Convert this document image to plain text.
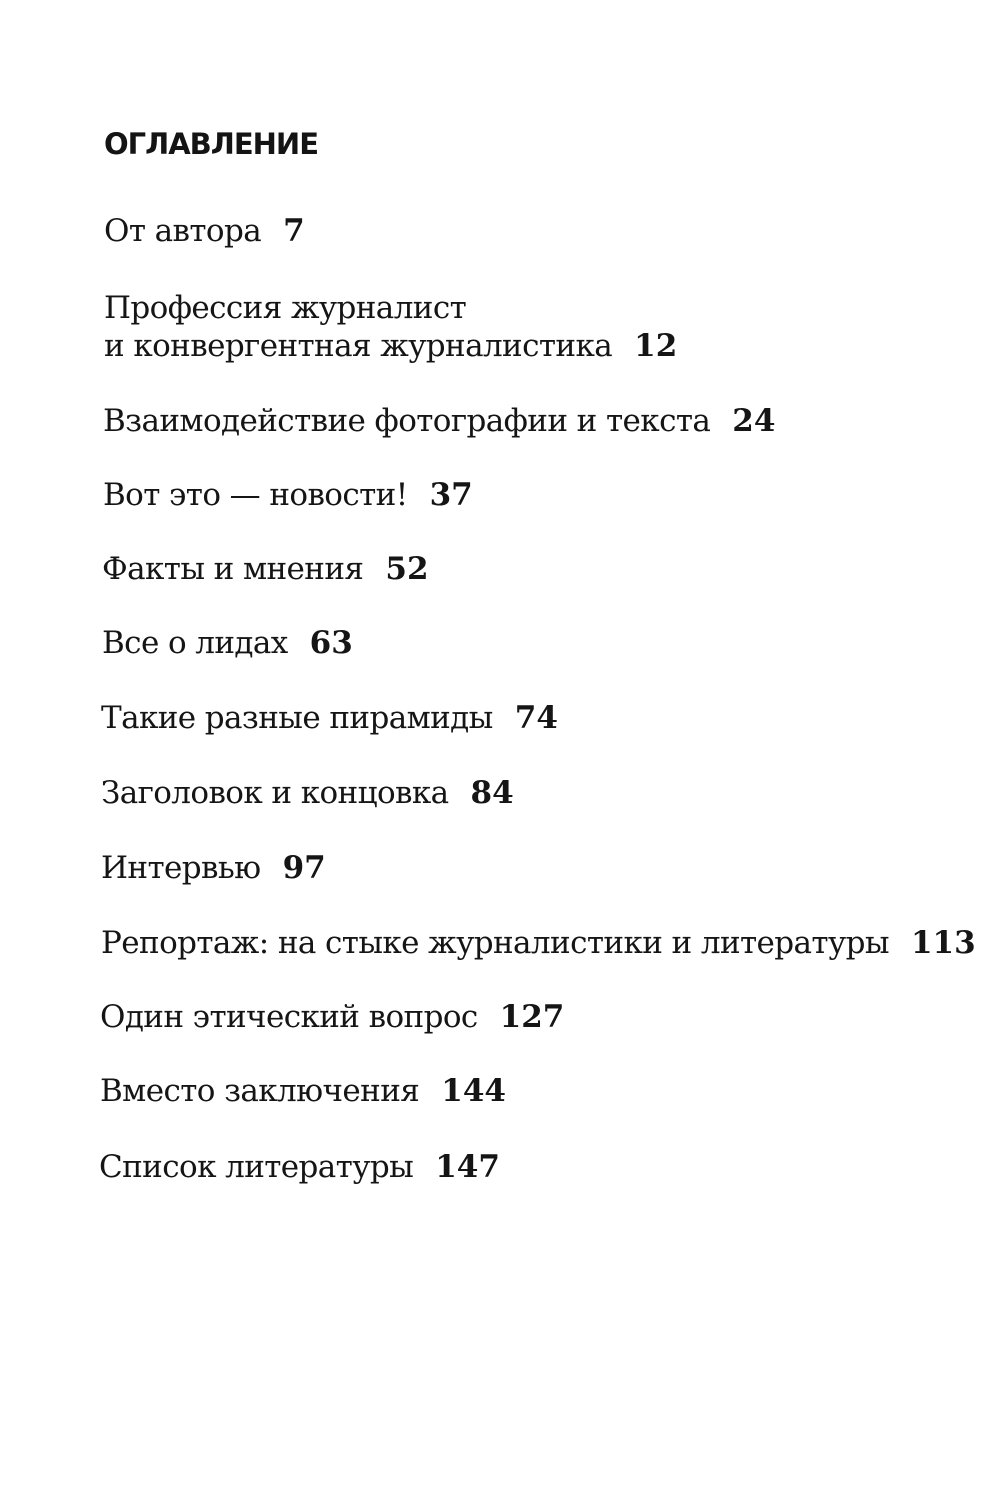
ОГЛАВЛЕНИЕ
От автора 7
Профессия журналист
и конвергентная журналистика 12
Взаимодействие фотографии и текста 24
Вот это — новости! 37
Факты и мнения 52
Все о лидах 63
Такие разные пирамиды 74
Заголовок и концовка 84
Интервью 97
Репортаж: на стыке журналистики и литературы 113
Один этический вопрос 127
Вместо заключения 144
Список литературы 147
